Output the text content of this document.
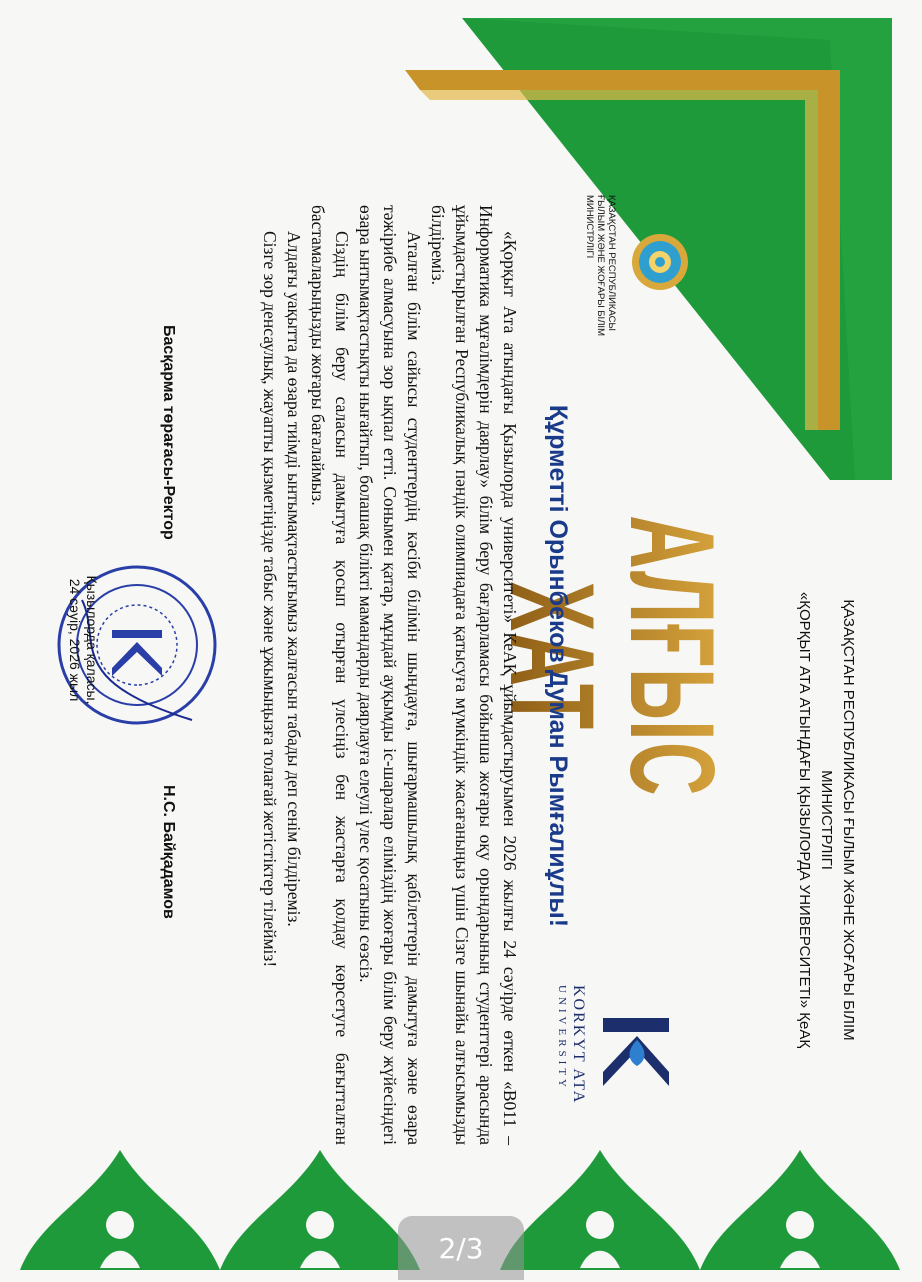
ҚАЗАҚСТАН РЕСПУБЛИКАСЫ ҒЫЛЫМ ЖӘНЕ ЖОҒАРЫ БІЛІМ МИНИСТРЛІГІ
«ҚОРҚЫТ АТА АТЫНДАҒЫ ҚЫЗЫЛОРДА УНИВЕРСИТЕТІ» ҚеАҚ
ҚАЗАҚСТАН РЕСПУБЛИКАСЫ
ҒЫЛЫМ ЖӘНЕ ЖОҒАРЫ БІЛІМ
МИНИСТРЛІГІ
АЛҒЫС ХАТ
KORKYT ATA
UNIVERSITY
Құрметті Орынбеков Думан Рымғалиұлы!

«Қорқыт Ата атындағы Қызылорда университеті» КеАҚ ұйымдастыруымен 2026 жылғы 24 сәуірде өткен «B011 – Информатика мұғалімдерін даярлау» білім беру бағдарламасы бойынша жоғары оқу орындарының студенттері арасында ұйымдастырылған Республикалық пәндік олимпиадаға қатысуға мүмкіндік жасағаныңыз үшін Сізге шынайы алғысымызды білдіреміз.

Аталған білім сайысы студенттердің кәсіби білімін шыңдауға, шығармашылық қабілеттерін дамытуға және өзара тәжірибе алмасуына зор ықпал етті. Сонымен қатар, мұндай ауқымды іс-шаралар еліміздің жоғары білім беру жүйесіндегі өзара ынтымақтастықты нығайтып, болашақ білікті мамандарды даярлауға елеулі үлес қосатыны сөзсіз.

Сіздің білім беру саласын дамытуға қосып отырған үлесіңіз бен жастарға қолдау көрсетуге бағытталған бастамаларыңызды жоғары бағалаймыз.

Алдағы уақытта да өзара тиімді ынтымақтастығымыз жалғасын табады деп сенім білдіреміз.

Сізге зор денсаулық, жауапты қызметіңізде табыс және ұжымыңызға толағай жетістіктер тілейміз!

Басқарма төрағасы-Ректор
Н.С. Байқадамов
Қызылорда қаласы,
24 сәуір, 2026 жыл
2/3
